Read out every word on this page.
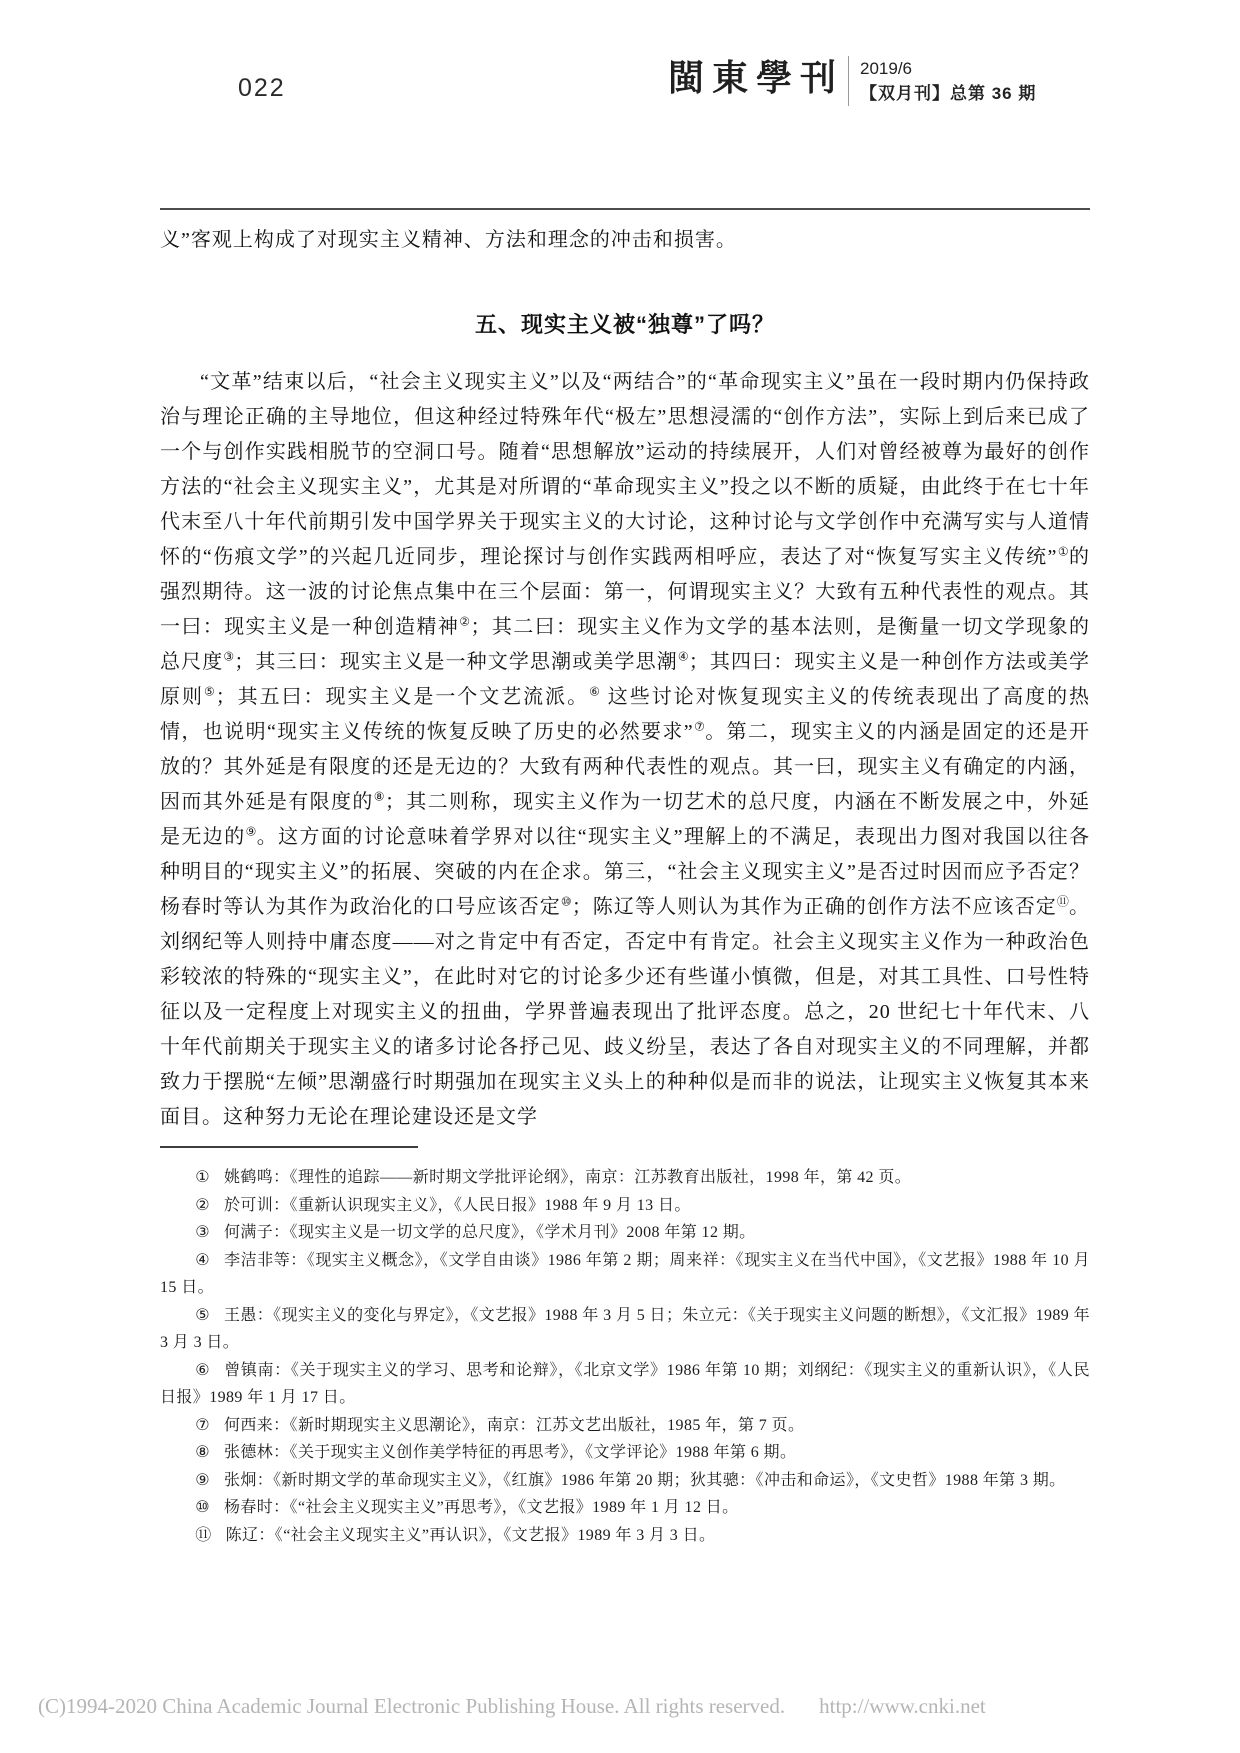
022	閩東學刊 2019/6
【双月刊】总第 36 期

义”客观上构成了对现实主义精神、方法和理念的冲击和损害。

五、现实主义被“独尊”了吗？

“文革”结束以后，“社会主义现实主义”以及“两结合”的“革命现实主义”虽在一段时期内仍保持政治与理论正确的主导地位，但这种经过特殊年代“极左”思想浸濡的“创作方法”，实际上到后来已成了一个与创作实践相脱节的空洞口号。随着“思想解放”运动的持续展开，人们对曾经被尊为最好的创作方法的“社会主义现实主义”，尤其是对所谓的“革命现实主义”投之以不断的质疑，由此终于在七十年代末至八十年代前期引发中国学界关于现实主义的大讨论，这种讨论与文学创作中充满写实与人道情怀的“伤痕文学”的兴起几近同步，理论探讨与创作实践两相呼应，表达了对“恢复写实主义传统”①的强烈期待。这一波的讨论焦点集中在三个层面：第一，何谓现实主义？大致有五种代表性的观点。其一曰：现实主义是一种创造精神②；其二曰：现实主义作为文学的基本法则，是衡量一切文学现象的总尺度③；其三曰：现实主义是一种文学思潮或美学思潮④；其四曰：现实主义是一种创作方法或美学原则⑤；其五曰：现实主义是一个文艺流派。⑥ 这些讨论对恢复现实主义的传统表现出了高度的热情，也说明“现实主义传统的恢复反映了历史的必然要求”⑦。第二，现实主义的内涵是固定的还是开放的？其外延是有限度的还是无边的？大致有两种代表性的观点。其一曰，现实主义有确定的内涵，因而其外延是有限度的⑧；其二则称，现实主义作为一切艺术的总尺度，内涵在不断发展之中，外延是无边的⑨。这方面的讨论意味着学界对以往“现实主义”理解上的不满足，表现出力图对我国以往各种明目的“现实主义”的拓展、突破的内在企求。第三，“社会主义现实主义”是否过时因而应予否定？杨春时等认为其作为政治化的口号应该否定⑩；陈辽等人则认为其作为正确的创作方法不应该否定⑪。刘纲纪等人则持中庸态度——对之肯定中有否定，否定中有肯定。社会主义现实主义作为一种政治色彩较浓的特殊的“现实主义”，在此时对它的讨论多少还有些谨小慎微，但是，对其工具性、口号性特征以及一定程度上对现实主义的扭曲，学界普遍表现出了批评态度。总之，20 世纪七十年代末、八十年代前期关于现实主义的诸多讨论各抒己见、歧义纷呈，表达了各自对现实主义的不同理解，并都致力于摆脱“左倾”思潮盛行时期强加在现实主义头上的种种似是而非的说法，让现实主义恢复其本来面目。这种努力无论在理论建设还是文学

① 姚鹤鸣：《理性的追踪——新时期文学批评论纲》，南京：江苏教育出版社，1998 年，第 42 页。

② 於可训：《重新认识现实主义》，《人民日报》1988 年 9 月 13 日。

③ 何满子：《现实主义是一切文学的总尺度》，《学术月刊》2008 年第 12 期。

④ 李洁非等：《现实主义概念》，《文学自由谈》1986 年第 2 期；周来祥：《现实主义在当代中国》，《文艺报》1988 年 10 月 15 日。

⑤ 王愚：《现实主义的变化与界定》，《文艺报》1988 年 3 月 5 日；朱立元：《关于现实主义问题的断想》，《文汇报》1989 年 3 月 3 日。

⑥ 曾镇南：《关于现实主义的学习、思考和论辩》，《北京文学》1986 年第 10 期；刘纲纪：《现实主义的重新认识》，《人民日报》1989 年 1 月 17 日。

⑦ 何西来：《新时期现实主义思潮论》，南京：江苏文艺出版社，1985 年，第 7 页。

⑧ 张德林：《关于现实主义创作美学特征的再思考》，《文学评论》1988 年第 6 期。

⑨ 张炯：《新时期文学的革命现实主义》，《红旗》1986 年第 20 期；狄其骢：《冲击和命运》，《文史哲》1988 年第 3 期。

⑩ 杨春时：《“社会主义现实主义”再思考》，《文艺报》1989 年 1 月 12 日。

⑪ 陈辽：《“社会主义现实主义”再认识》，《文艺报》1989 年 3 月 3 日。

(C)1994-2020 China Academic Journal Electronic Publishing House. All rights reserved. http://www.cnki.net
